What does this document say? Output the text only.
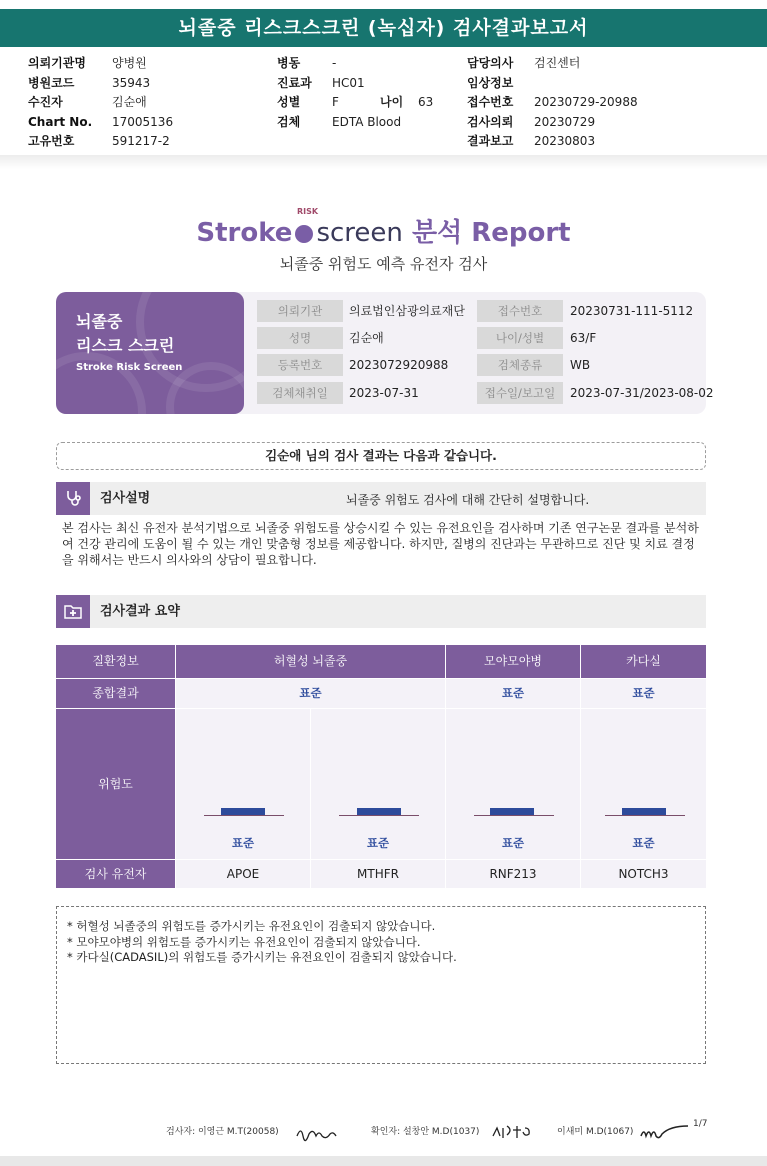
뇌졸중 리스크스크린 (녹십자) 검사결과보고서
의뢰기관명	양병원
병원코드	35943
수진자	김순애
Chart No.	17005136
고유번호	591217-2
병동	-
진료과	HC01
성별	F	나이	63
검체	EDTA Blood
담당의사	검진센터
임상정보
접수번호	20230729-20988
검사의뢰	20230729
결과보고	20230803
Stroke
RISK
screen 분석 Report
뇌졸중 위험도 예측 유전자 검사
뇌졸중
리스크 스크린
Stroke Risk Screen
의뢰기관	의료법인삼광의료재단	접수번호	20230731-111-5112
성명	김순애	나이/성별	63/F
등록번호	2023072920988	검체종류	WB
검체채취일	2023-07-31	접수일/보고일	2023-07-31/2023-08-02
김순애 님의 검사 결과는 다음과 같습니다.
검사설명	뇌졸중 위험도 검사에 대해 간단히 설명합니다.
본 검사는 최신 유전자 분석기법으로 뇌졸중 위험도를 상승시킬 수 있는 유전요인을 검사하며 기존 연구논문 결과를 분석하여 건강 관리에 도움이 될 수 있는 개인 맞춤형 정보를 제공합니다. 하지만, 질병의 진단과는 무관하므로 진단 및 치료 결정을 위해서는 반드시 의사와의 상담이 필요합니다.
검사결과 요약
질환정보	허혈성 뇌졸중	모야모야병	카다실
종합결과	표준	표준	표준
위험도
표준	표준	표준	표준
검사 유전자	APOE	MTHFR	RNF213	NOTCH3
* 허혈성 뇌졸중의 위험도를 증가시키는 유전요인이 검출되지 않았습니다.
* 모야모야병의 위험도를 증가시키는 유전요인이 검출되지 않았습니다.
* 카다실(CADASIL)의 위험도를 증가시키는 유전요인이 검출되지 않았습니다.
검사자: 이영근 M.T(20058)	확인자: 설창안 M.D(1037)	이새미 M.D(1067)
1/7
